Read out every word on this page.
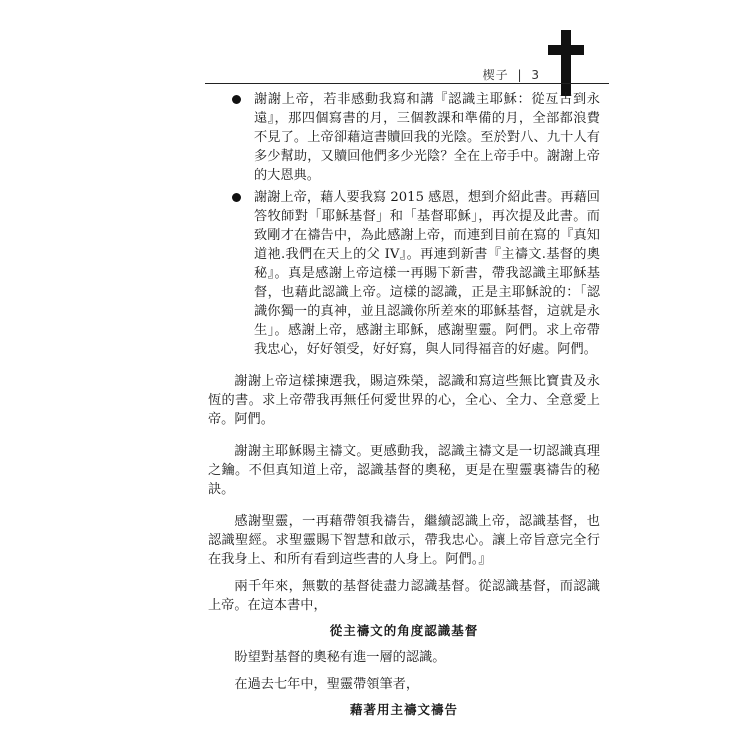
楔子 | 3
謝謝上帝，若非感動我寫和講『認識主耶穌：從亙古到永遠』，那四個寫書的月，三個教課和準備的月，全部都浪費不見了。上帝卻藉這書贖回我的光陰。至於對八、九十人有多少幫助，又贖回他們多少光陰？全在上帝手中。謝謝上帝的大恩典。
謝謝上帝，藉人要我寫 2015 感恩，想到介紹此書。再藉回答牧師對「耶穌基督」和「基督耶穌」，再次提及此書。而致剛才在禱告中，為此感謝上帝，而連到目前在寫的『真知道祂.我們在天上的父 IV』。再連到新書『主禱文.基督的奧秘』。真是感謝上帝這樣一再賜下新書，帶我認識主耶穌基督，也藉此認識上帝。這樣的認識，正是主耶穌說的：「認識你獨一的真神，並且認識你所差來的耶穌基督，這就是永生」。感謝上帝，感謝主耶穌，感謝聖靈。阿們。求上帝帶我忠心，好好領受，好好寫，與人同得福音的好處。阿們。

謝謝上帝這樣揀選我，賜這殊榮，認識和寫這些無比寶貴及永恆的書。求上帝帶我再無任何愛世界的心，全心、全力、全意愛上帝。阿們。

謝謝主耶穌賜主禱文。更感動我，認識主禱文是一切認識真理之鑰。不但真知道上帝，認識基督的奧秘，更是在聖靈裏禱告的秘訣。

感謝聖靈，一再藉帶領我禱告，繼續認識上帝，認識基督，也認識聖經。求聖靈賜下智慧和啟示，帶我忠心。讓上帝旨意完全行在我身上、和所有看到這些書的人身上。阿們。』

兩千年來，無數的基督徒盡力認識基督。從認識基督，而認識上帝。在這本書中，

從主禱文的角度認識基督

盼望對基督的奧秘有進一層的認識。

在過去七年中，聖靈帶領筆者，

藉著用主禱文禱告
